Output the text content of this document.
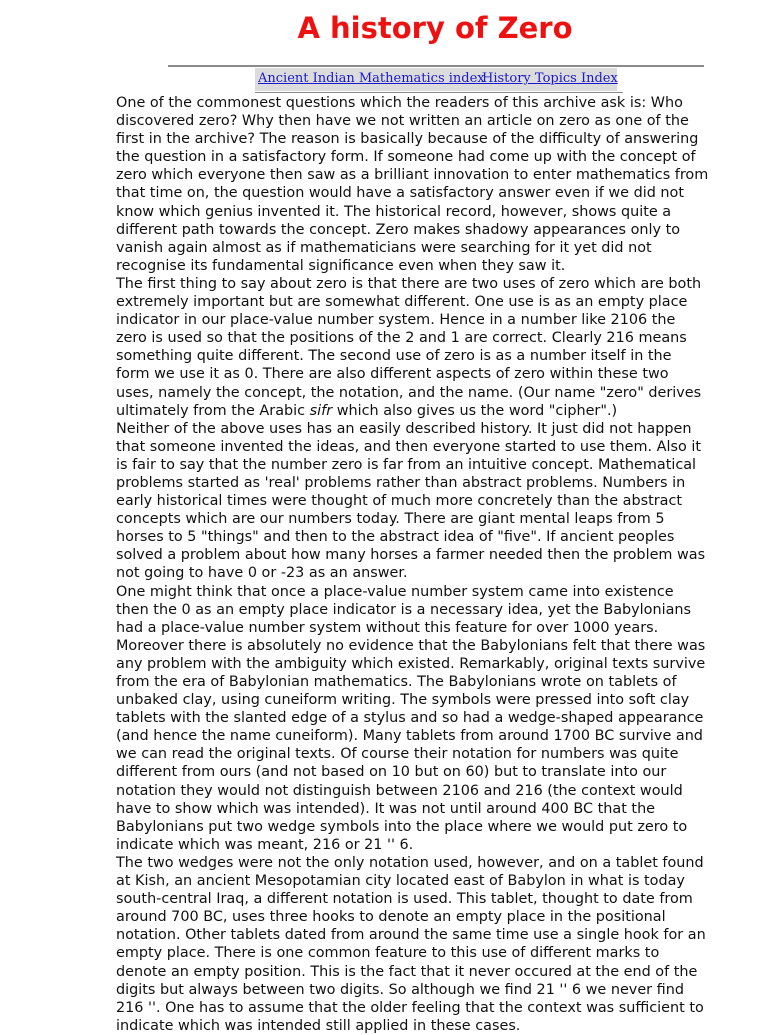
A history of Zero
Ancient Indian Mathematics index
History Topics Index

One of the commonest questions which the readers of this archive ask is: Who
discovered zero? Why then have we not written an article on zero as one of the
first in the archive? The reason is basically because of the difficulty of answering
the question in a satisfactory form. If someone had come up with the concept of
zero which everyone then saw as a brilliant innovation to enter mathematics from
that time on, the question would have a satisfactory answer even if we did not
know which genius invented it. The historical record, however, shows quite a
different path towards the concept. Zero makes shadowy appearances only to
vanish again almost as if mathematicians were searching for it yet did not
recognise its fundamental significance even when they saw it.

The first thing to say about zero is that there are two uses of zero which are both
extremely important but are somewhat different. One use is as an empty place
indicator in our place-value number system. Hence in a number like 2106 the
zero is used so that the positions of the 2 and 1 are correct. Clearly 216 means
something quite different. The second use of zero is as a number itself in the
form we use it as 0. There are also different aspects of zero within these two
uses, namely the concept, the notation, and the name. (Our name "zero" derives
ultimately from the Arabic sifr which also gives us the word "cipher".)

Neither of the above uses has an easily described history. It just did not happen
that someone invented the ideas, and then everyone started to use them. Also it
is fair to say that the number zero is far from an intuitive concept. Mathematical
problems started as 'real' problems rather than abstract problems. Numbers in
early historical times were thought of much more concretely than the abstract
concepts which are our numbers today. There are giant mental leaps from 5
horses to 5 "things" and then to the abstract idea of "five". If ancient peoples
solved a problem about how many horses a farmer needed then the problem was
not going to have 0 or -23 as an answer.

One might think that once a place-value number system came into existence
then the 0 as an empty place indicator is a necessary idea, yet the Babylonians
had a place-value number system without this feature for over 1000 years.
Moreover there is absolutely no evidence that the Babylonians felt that there was
any problem with the ambiguity which existed. Remarkably, original texts survive
from the era of Babylonian mathematics. The Babylonians wrote on tablets of
unbaked clay, using cuneiform writing. The symbols were pressed into soft clay
tablets with the slanted edge of a stylus and so had a wedge-shaped appearance
(and hence the name cuneiform). Many tablets from around 1700 BC survive and
we can read the original texts. Of course their notation for numbers was quite
different from ours (and not based on 10 but on 60) but to translate into our
notation they would not distinguish between 2106 and 216 (the context would
have to show which was intended). It was not until around 400 BC that the
Babylonians put two wedge symbols into the place where we would put zero to
indicate which was meant, 216 or 21 '' 6.

The two wedges were not the only notation used, however, and on a tablet found
at Kish, an ancient Mesopotamian city located east of Babylon in what is today
south-central Iraq, a different notation is used. This tablet, thought to date from
around 700 BC, uses three hooks to denote an empty place in the positional
notation. Other tablets dated from around the same time use a single hook for an
empty place. There is one common feature to this use of different marks to
denote an empty position. This is the fact that it never occured at the end of the
digits but always between two digits. So although we find 21 '' 6 we never find
216 ''. One has to assume that the older feeling that the context was sufficient to
indicate which was intended still applied in these cases.
